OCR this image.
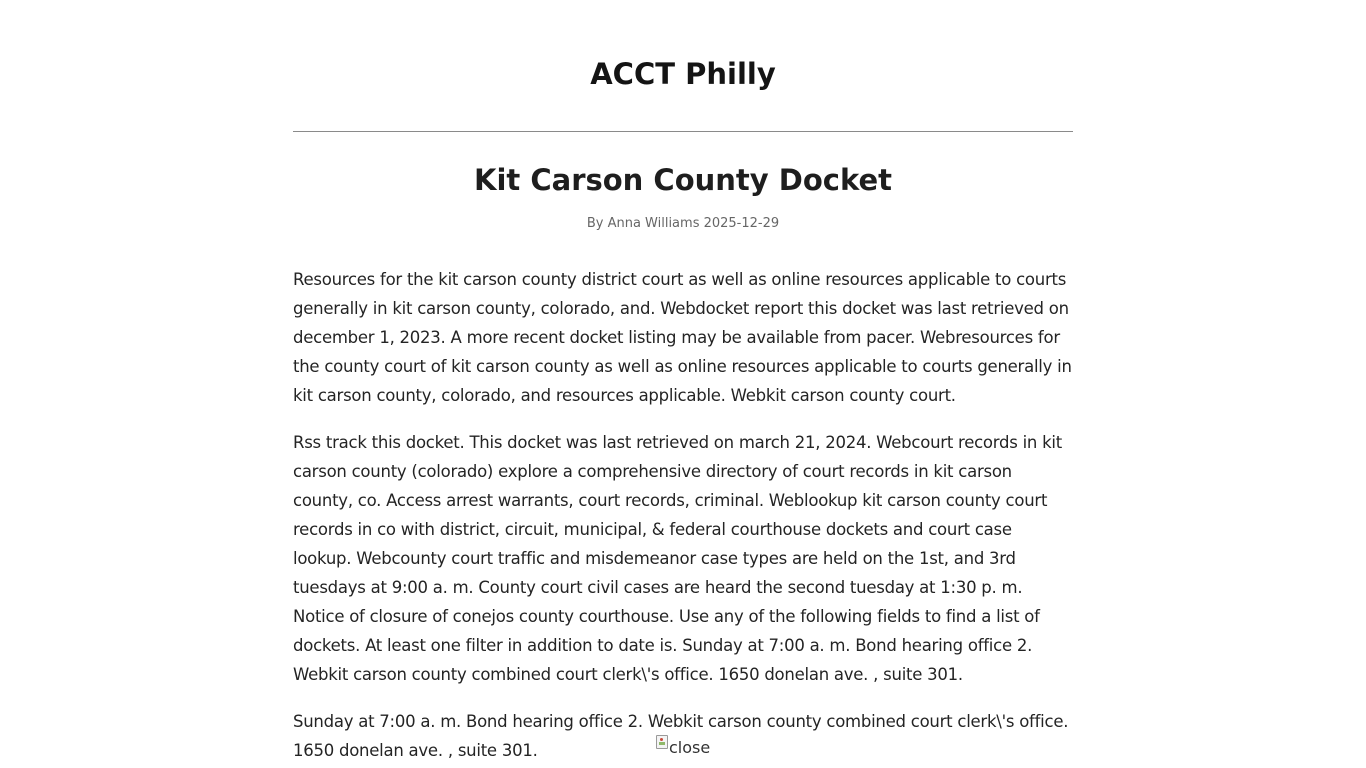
ACCT Philly
Kit Carson County Docket
By Anna Williams 2025-12-29

Resources for the kit carson county district court as well as online resources applicable to courts generally in kit carson county, colorado, and. Webdocket report this docket was last retrieved on december 1, 2023. A more recent docket listing may be available from pacer. Webresources for the county court of kit carson county as well as online resources applicable to courts generally in kit carson county, colorado, and resources applicable. Webkit carson county court.

Rss track this docket. This docket was last retrieved on march 21, 2024. Webcourt records in kit carson county (colorado) explore a comprehensive directory of court records in kit carson county, co. Access arrest warrants, court records, criminal. Weblookup kit carson county court records in co with district, circuit, municipal, & federal courthouse dockets and court case lookup. Webcounty court traffic and misdemeanor case types are held on the 1st, and 3rd tuesdays at 9:00 a. m. County court civil cases are heard the second tuesday at 1:30 p. m. Notice of closure of conejos county courthouse. Use any of the following fields to find a list of dockets. At least one filter in addition to date is. Sunday at 7:00 a. m. Bond hearing office 2. Webkit carson county combined court clerk\'s office. 1650 donelan ave. , suite 301.

Sunday at 7:00 a. m. Bond hearing office 2. Webkit carson county combined court clerk\'s office. 1650 donelan ave. , suite 301.	close
